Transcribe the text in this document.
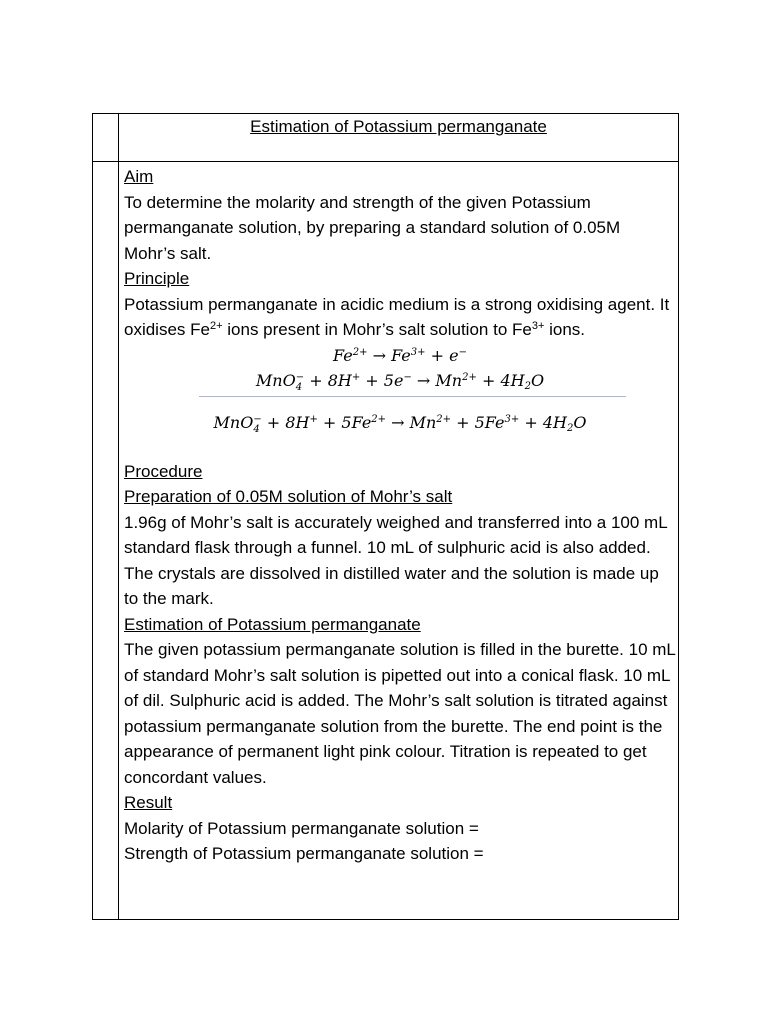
Estimation of Potassium permanganate

Aim

To determine the molarity and strength of the given Potassium permanganate solution, by preparing a standard solution of 0.05M Mohr’s salt.

Principle

Potassium permanganate in acidic medium is a strong oxidising agent. It oxidises $Fe^{2+}$ ions present in Mohr’s salt solution to $Fe^{3+}$ ions.

$Fe^{2+} \to Fe^{3+} + e^-$
MnO −
$4 + 8H^+ + 5e^- \to Mn^{2+} + 4H_2O$
MnO −
$4 + 8H^+ + 5Fe^{2+} \to Mn^{2+} + 5Fe^{3+} + 4H_2O$

Procedure

Preparation of 0.05M solution of Mohr’s salt

1.96g of Mohr’s salt is accurately weighed and transferred into a 100 mL standard flask through a funnel. 10 mL of sulphuric acid is also added. The crystals are dissolved in distilled water and the solution is made up to the mark.

Estimation of Potassium permanganate

The given potassium permanganate solution is filled in the burette. 10 mL of standard Mohr’s salt solution is pipetted out into a conical flask. 10 mL of dil. Sulphuric acid is added. The Mohr’s salt solution is titrated against potassium permanganate solution from the burette. The end point is the appearance of permanent light pink colour. Titration is repeated to get concordant values.

Result

Molarity of Potassium permanganate solution =

Strength of Potassium permanganate solution =
